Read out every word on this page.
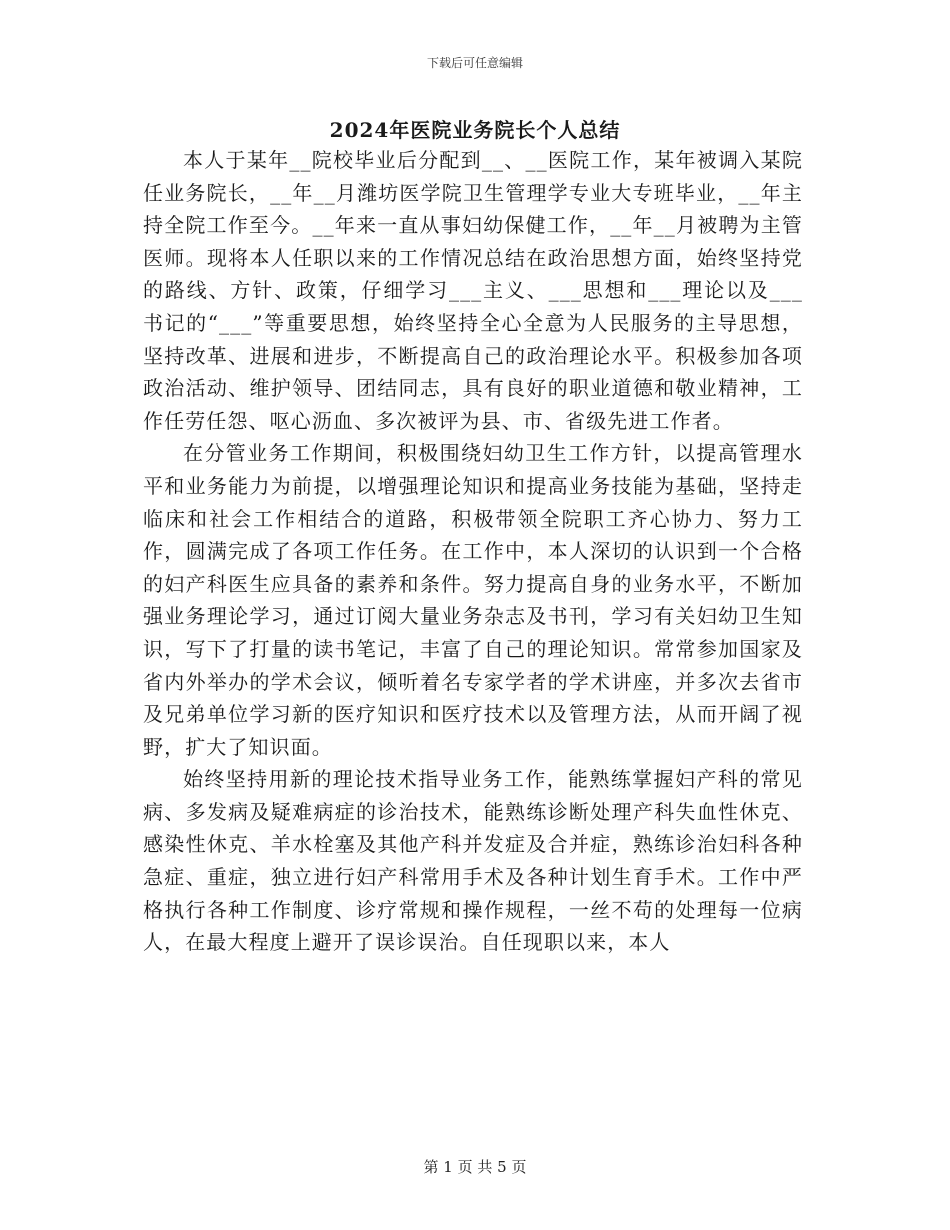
下载后可任意编辑
2024年医院业务院长个人总结

本人于某年__院校毕业后分配到__、__医院工作，某年被调入某院任业务院长，__年__月潍坊医学院卫生管理学专业大专班毕业，__年主持全院工作至今。__年来一直从事妇幼保健工作，__年__月被聘为主管医师。现将本人任职以来的工作情况总结在政治思想方面，始终坚持党的路线、方针、政策，仔细学习___主义、___思想和___理论以及___书记的“___”等重要思想，始终坚持全心全意为人民服务的主导思想，坚持改革、进展和进步，不断提高自己的政治理论水平。积极参加各项政治活动、维护领导、团结同志，具有良好的职业道德和敬业精神，工作任劳任怨、呕心沥血、多次被评为县、市、省级先进工作者。

在分管业务工作期间，积极围绕妇幼卫生工作方针，以提高管理水平和业务能力为前提，以增强理论知识和提高业务技能为基础，坚持走临床和社会工作相结合的道路，积极带领全院职工齐心协力、努力工作，圆满完成了各项工作任务。在工作中，本人深切的认识到一个合格的妇产科医生应具备的素养和条件。努力提高自身的业务水平，不断加强业务理论学习，通过订阅大量业务杂志及书刊，学习有关妇幼卫生知识，写下了打量的读书笔记，丰富了自己的理论知识。常常参加国家及省内外举办的学术会议，倾听着名专家学者的学术讲座，并多次去省市及兄弟单位学习新的医疗知识和医疗技术以及管理方法，从而开阔了视野，扩大了知识面。

始终坚持用新的理论技术指导业务工作，能熟练掌握妇产科的常见病、多发病及疑难病症的诊治技术，能熟练诊断处理产科失血性休克、感染性休克、羊水栓塞及其他产科并发症及合并症，熟练诊治妇科各种急症、重症，独立进行妇产科常用手术及各种计划生育手术。工作中严格执行各种工作制度、诊疗常规和操作规程，一丝不苟的处理每一位病人，在最大程度上避开了误诊误治。自任现职以来，本人

第 1 页 共 5 页
